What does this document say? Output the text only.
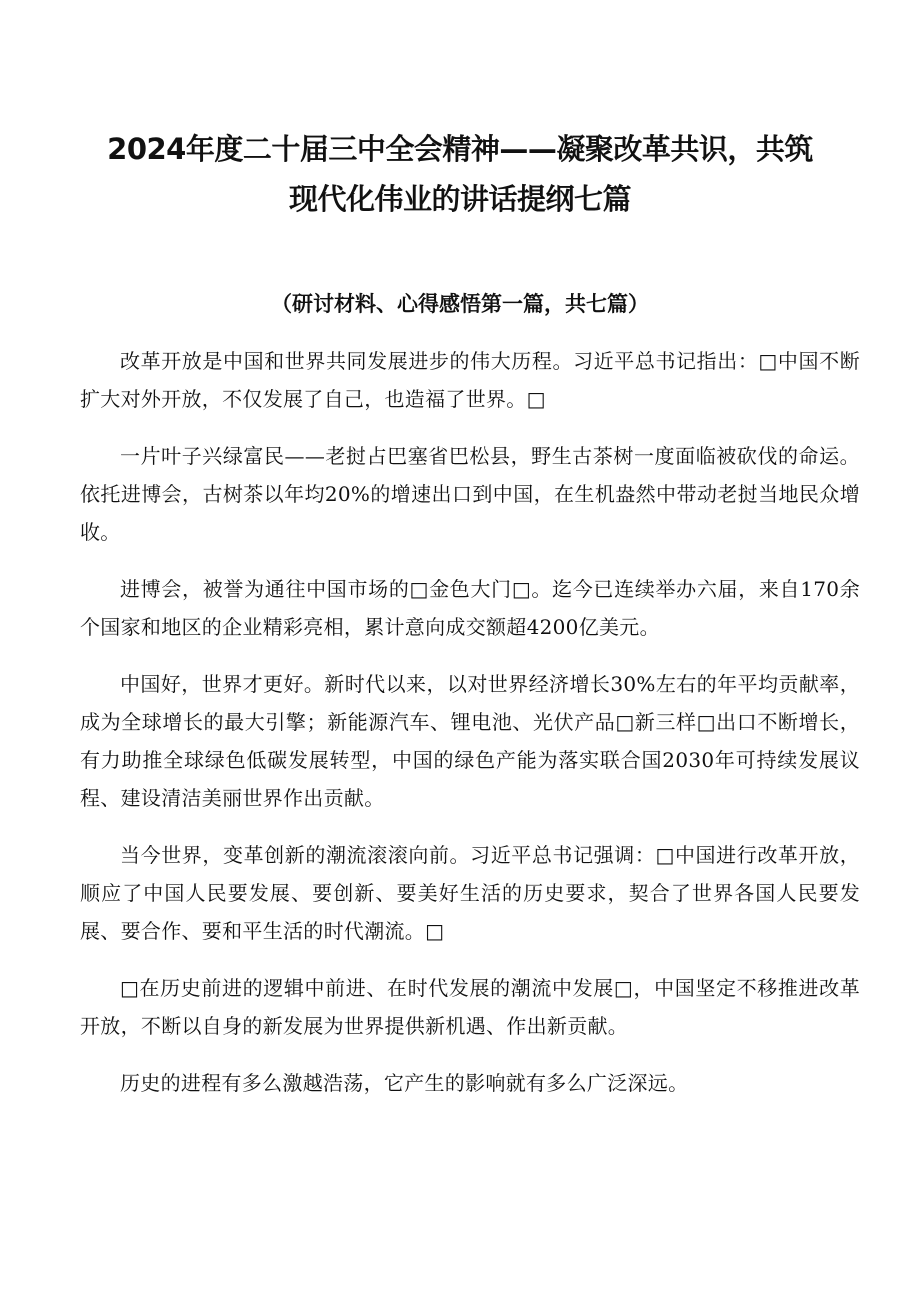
2024年度二十届三中全会精神——凝聚改革共识，共筑现代化伟业的讲话提纲七篇
（研讨材料、心得感悟第一篇，共七篇）

改革开放是中国和世界共同发展进步的伟大历程。习近平总书记指出：□中国不断扩大对外开放，不仅发展了自己，也造福了世界。□

一片叶子兴绿富民——老挝占巴塞省巴松县，野生古茶树一度面临被砍伐的命运。依托进博会，古树茶以年均20%的增速出口到中国，在生机盎然中带动老挝当地民众增收。

进博会，被誉为通往中国市场的□金色大门□。迄今已连续举办六届，来自170余个国家和地区的企业精彩亮相，累计意向成交额超4200亿美元。

中国好，世界才更好。新时代以来，以对世界经济增长30%左右的年平均贡献率，成为全球增长的最大引擎；新能源汽车、锂电池、光伏产品□新三样□出口不断增长，有力助推全球绿色低碳发展转型，中国的绿色产能为落实联合国2030年可持续发展议程、建设清洁美丽世界作出贡献。

当今世界，变革创新的潮流滚滚向前。习近平总书记强调：□中国进行改革开放，顺应了中国人民要发展、要创新、要美好生活的历史要求，契合了世界各国人民要发展、要合作、要和平生活的时代潮流。□

□在历史前进的逻辑中前进、在时代发展的潮流中发展□，中国坚定不移推进改革开放，不断以自身的新发展为世界提供新机遇、作出新贡献。

历史的进程有多么激越浩荡，它产生的影响就有多么广泛深远。
